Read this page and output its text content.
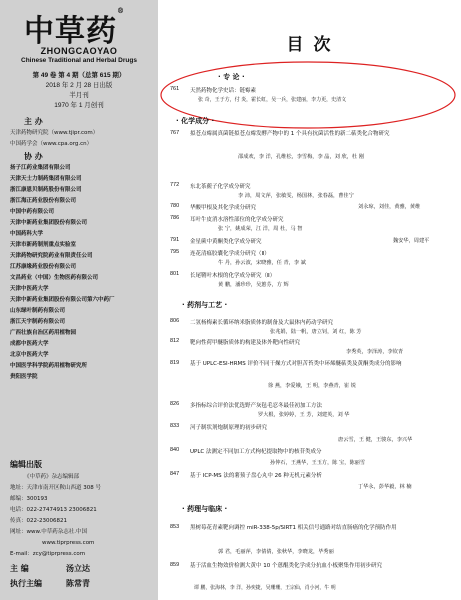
中草药®
ZHONGCAOYAO
Chinese Traditional and Herbal Drugs
第 49 卷 第 4 期（总第 615 期）
2018 年 2 月 28 日出版
半月刊
1970 年 1 月创刊
主 办
天津药物研究院（www.tjipr.com）
中国药学会（www.cpa.org.cn）
协 办
扬子江药业集团有限公司
天津天士力制药集团有限公司
浙江康恩贝制药股份有限公司
浙江海正药业股份有限公司
中国中药有限公司
天津中新药业集团股份有限公司
中国药科大学
天津市新药制剂重点实验室
天津药物研究院药业有限责任公司
江苏康缘药业股份有限公司
文昌药业（中国）生物医药有限公司
天津中医药大学
天津中新药业集团股份有限公司第六中药厂
山东绿叶制药有限公司
浙江天宇制药有限公司
广西壮族自治区药用植物园
成都中医药大学
北京中医药大学
中国医学科学院药用植物研究所
贵阳医学院
编辑出版
《中草药》杂志编辑部
地址：天津市南开区鞍山西道 308 号
邮编：300193
电话：022-27474913 23006821
传真：022-23006821
网址：www.中草药杂志社.中国
www.tiprpress.com
E-mail：zcy@tiprpress.com
主 编	汤立达
执行主编	陈常青
目 次
· 专 论 ·
761 天然药物化学史话：链霉素
张 奇，王于方，付 炎，霍长虹，吴一兵，张建丽，李力更，史清文
· 化学成分 ·
767 拟苍点霉属真菌链拟苍点霉发酵产物中的 1 个具有抗菌活性的新二萜类化合物研究
邵成欢，李 洋，孔维松，李雪梅，李 晶，刘 欣，杜 刚
772 东北茶藨子化学成分研究
李 沛，周文萍，张敏雯，杨国林，张春磊，曹佳宁
780 华酸甲根及其化学成分研究	刘永琼，刘佳，黄雅，黄维
786 耳叶牛皮消水溶性部位的化学成分研究
张 宁，姚成荣，江 洋，周 杜，马 智
791 金星蕨中黄酮类化学成分研究	魏安华，周建平
795 连花清瘟胶囊化学成分研究（Ⅱ）
牛 丹，孙云波，宋晓雅，任 青，李 斌
801 长尾鞘叶木根的化学成分研究（Ⅱ）
黄 鹏，潘珍珍，吴蕙芬，方 辉
· 药剂与工艺 ·
806 二氢杨梅素长循环纳米脂质体的制备及大鼠体内药动学研究
张兆娟，陆一帆，唐立钊，刘 红，陈 芳
812 靶向性荷甲醚脂质体的构建及体外靶向性研究
李秀英，李泽涛，李钦青
819 基于 UPLC-ESI-HRMS 评价不同干燥方式对胆苦苔类中环烯醚萜类及黄酮类成分的影响
徐 燕，李爱娥，王 明，李燕青，崔 锐
826 多指标综合评价法优选野产灰毡毛忍冬最佳初加工方法
罗大根，张婷婷，王 芳，刘建英，刘 华
833 河子制状剂炮制原理的初步研究
唐云雪，王 健，王骏东，李兴华
840 UPLC 法测定不同加工方式枸杞提取物中的核苷类成分
孙仲石，王燕华，王玉方，陈 宝，陈丽雪
847 基于 ICP-MS 法的薯蓣子盘心丸中 26 种无机元素分析
丁华永，彭华毅，林 楠
· 药理与临床 ·
853 黑树莓花青素靶向调控 miR-338-5p/SIRT1 相关信号通路对结直肠癌的化学预防作用
郭 君，毛丽萍，李倩倩，张秋华，李晓龙，毕秀丽
859 基于活血生物效价检测大黄中 10 个蒽醌类化学成分抗血小板聚集作用初步研究
谭 鹏，张海林，李 洋，孙奕捷，吴珊珊，王宗仙，肖小河，牛 明
